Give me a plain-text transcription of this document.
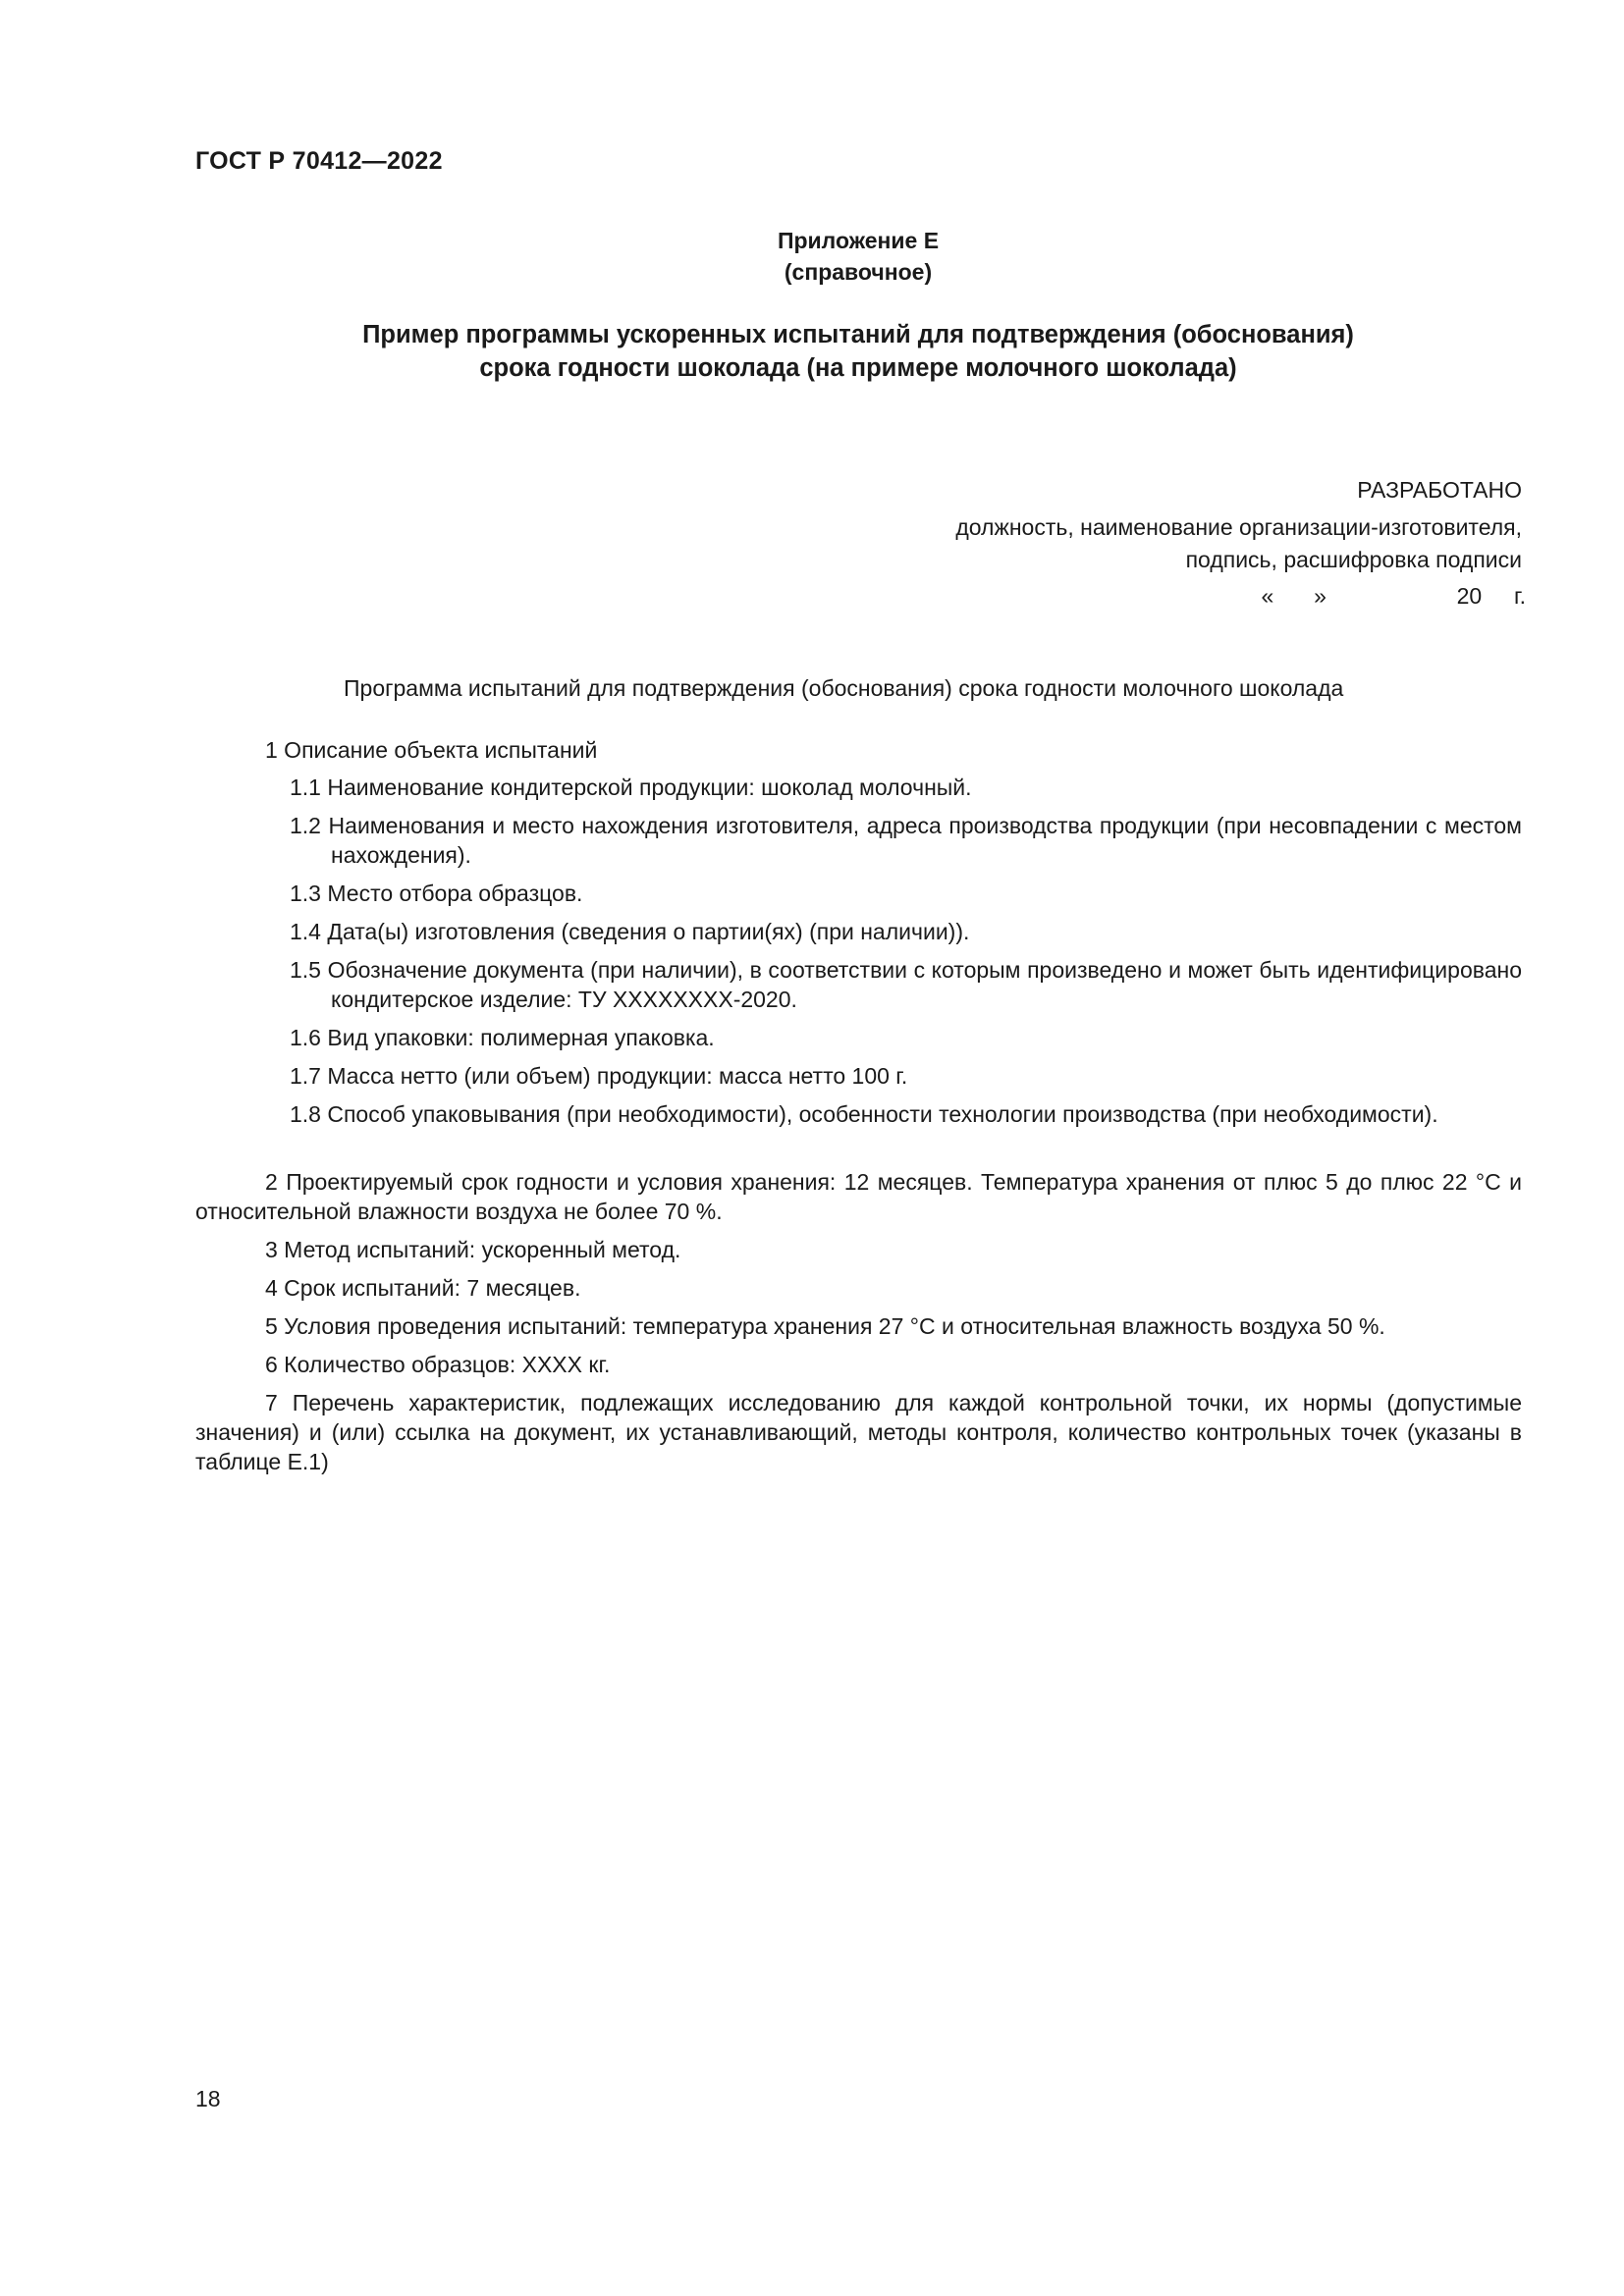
ГОСТ Р 70412—2022
Приложение Е
(справочное)
Пример программы ускоренных испытаний для подтверждения (обоснования)
срока годности шоколада (на примере молочного шоколада)
РАЗРАБОТАНО
должность, наименование организации-изготовителя,
подпись, расшифровка подписи
« »	20 г.
Программа испытаний для подтверждения (обоснования) срока годности молочного шоколада
1 Описание объекта испытаний
1.1 Наименование кондитерской продукции: шоколад молочный.
1.2 Наименования и место нахождения изготовителя, адреса производства продукции (при несовпадении с местом нахождения).
1.3 Место отбора образцов.
1.4 Дата(ы) изготовления (сведения о партии(ях) (при наличии)).
1.5 Обозначение документа (при наличии), в соответствии с которым произведено и может быть идентифицировано кондитерское изделие: ТУ XXXXXXXX-2020.
1.6 Вид упаковки: полимерная упаковка.
1.7 Масса нетто (или объем) продукции: масса нетто 100 г.
1.8 Способ упаковывания (при необходимости), особенности технологии производства (при необходимости).
2 Проектируемый срок годности и условия хранения: 12 месяцев. Температура хранения от плюс 5 до плюс 22 °С и относительной влажности воздуха не более 70 %.
3 Метод испытаний: ускоренный метод.
4 Срок испытаний: 7 месяцев.
5 Условия проведения испытаний: температура хранения 27 °С и относительная влажность воздуха 50 %.
6 Количество образцов: XXXX кг.
7 Перечень характеристик, подлежащих исследованию для каждой контрольной точки, их нормы (допустимые значения) и (или) ссылка на документ, их устанавливающий, методы контроля, количество контрольных точек (указаны в таблице Е.1)
18
